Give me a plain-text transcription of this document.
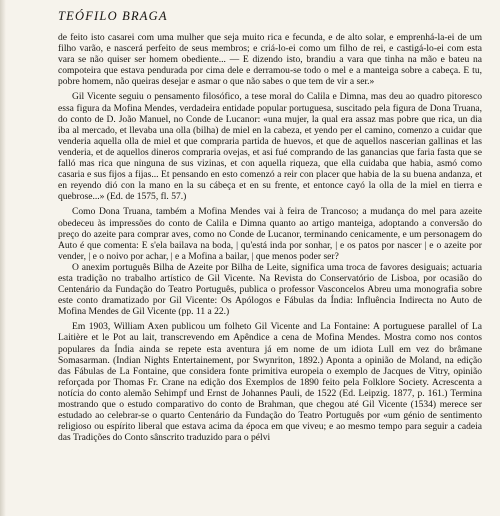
TEÓFILO BRAGA

de feito isto casarei com uma mulher que seja muito rica e fecunda, e de alto solar, e emprenhá-la-ei de um filho varão, e nascerá perfeito de seus membros; e criá-lo-ei como um filho de rei, e castigá-lo-ei com esta vara se não quiser ser homem obediente... — E dizendo isto, brandiu a vara que tinha na mão e bateu na compoteira que estava pendurada por cima dele e derramou-se todo o mel e a manteiga sobre a cabeça. E tu, pobre homem, não queiras desejar e asmar o que não sabes o que tem de vir a ser.»

Gil Vicente seguiu o pensamento filosófico, a tese moral do Calila e Dimna, mas deu ao quadro pitoresco essa figura da Mofina Mendes, verdadeira entidade popular portuguesa, suscitado pela figura de Dona Truana, do conto de D. João Manuel, no Conde de Lucanor: «una mujer, la qual era assaz mas pobre que rica, un dia iba al mercado, et llevaba una olla (bilha) de miel en la cabeza, et yendo per el camino, comenzo a cuidar que venderia aquella olla de miel et que compraria partida de huevos, et que de aquellos nascerian gallinas et las venderia, et de aquellos dineros compraria ovejas, et asi fué comprando de las ganancias que faria fasta que se falló mas rica que ninguna de sus vizinas, et con aquella riqueza, que ella cuidaba que habia, asmó como casaria e sus fijos a fijas... Et pensando en esto comenzó a reir con placer que habia de la su buena andanza, et en reyendo dió con la mano en la su cábeça et en su frente, et entonce cayó la olla de la miel en tierra e quebrose...» (Ed. de 1575, fl. 57.)

Como Dona Truana, também a Mofina Mendes vai à feira de Trancoso; a mudança do mel para azeite obedeceu às impressões do conto de Calila e Dimna quanto ao artigo manteiga, adoptando a conversão do preço do azeite para comprar aves, como no Conde de Lucanor, terminando cenicamente, e um personagem do Auto é que comenta: E s'ela bailava na boda, | qu'está inda por sonhar, | e os patos por nascer | e o azeite por vender, | e o noivo por achar, | e a Mofina a bailar, | que menos poder ser?

O anexim português Bilha de Azeite por Bilha de Leite, significa uma troca de favores desiguais; actuaria esta tradição no trabalho artístico de Gil Vicente. Na Revista do Conservatório de Lisboa, por ocasião do Centenário da Fundação do Teatro Português, publica o professor Vasconcelos Abreu uma monografia sobre este conto dramatizado por Gil Vicente: Os Apólogos e Fábulas da Índia: Influência Indirecta no Auto de Mofina Mendes de Gil Vicente (pp. 11 a 22.)

Em 1903, William Axen publicou um folheto Gil Vicente and La Fontaine: A portuguese parallel of La Laitière et le Pot au lait, transcrevendo em Apêndice a cena de Mofina Mendes. Mostra como nos contos populares da Índia ainda se repete esta aventura já em nome de um idiota Lull em vez do brâmane Somasarman. (Indian Nights Entertainement, por Swynriton, 1892.) Aponta a opinião de Moland, na edição das Fábulas de La Fontaine, que considera fonte primitiva europeia o exemplo de Jacques de Vitry, opinião reforçada por Thomas Fr. Crane na edição dos Exemplos de 1890 feito pela Folklore Society. Acrescenta a notícia do conto alemão Sehimpf und Ernst de Johannes Pauli, de 1522 (Ed. Leipzig. 1877, p. 161.) Termina mostrando que o estudo comparativo do conto de Brahman, que chegou até Gil Vicente (1534) merece ser estudado ao celebrar-se o quarto Centenário da Fundação do Teatro Português por «um génio de sentimento religioso ou espírito liberal que estava acima da época em que viveu; e ao mesmo tempo para seguir a cadeia das Tradições do Conto sânscrito traduzido para o pélvi
